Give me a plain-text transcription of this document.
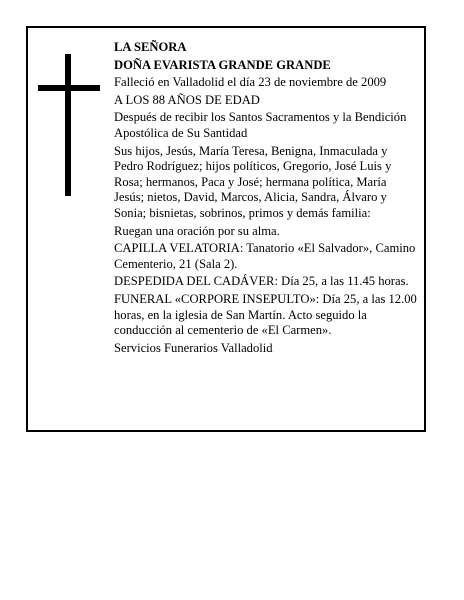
LA SEÑORA

DOÑA EVARISTA GRANDE GRANDE

Falleció en Valladolid el día 23 de noviembre de 2009

A LOS 88 AÑOS DE EDAD

Después de recibir los Santos Sacramentos y la Bendición Apostólica de Su Santidad

Sus hijos, Jesús, María Teresa, Benigna, Inmaculada y Pedro Rodríguez; hijos políticos, Gregorio, José Luis y Rosa; hermanos, Paca y José; hermana política, María Jesús; nietos, David, Marcos, Alicia, Sandra, Álvaro y Sonia; bisnietas, sobrinos, primos y demás familia:

Ruegan una oración por su alma.

CAPILLA VELATORIA: Tanatorio «El Salvador», Camino Cementerio, 21 (Sala 2).

DESPEDIDA DEL CADÁVER: Día 25, a las 11.45 horas.

FUNERAL «CORPORE INSEPULTO»: Día 25, a las 12.00 horas, en la iglesia de San Martín. Acto seguido la conducción al cementerio de «El Carmen».

Servicios Funerarios Valladolid
